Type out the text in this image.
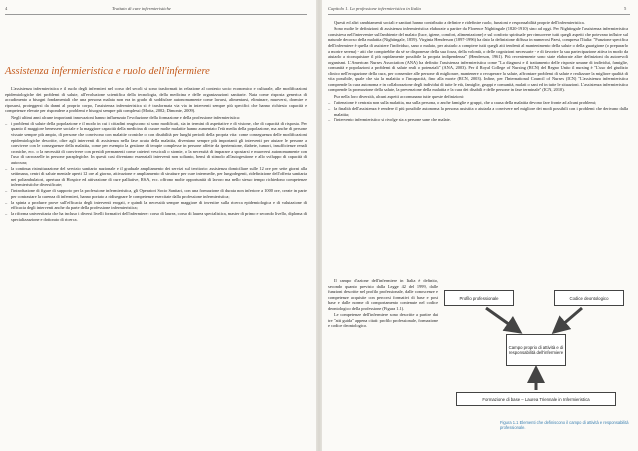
4	Trattato di cure infermieristiche
Assistenza infermieristica e ruolo dell'infermiere

L'assistenza infermieristica e il ruolo degli infermieri nel corso del secoli si sono trasformati in relazione al contesto socio economico e culturale, alle modificazioni epidemiologiche dei problemi di salute, all'evoluzione scientifica della tecnologia, della medicina e delle organizzazioni sanitarie. Nata come risposta generica di accudimento a bisogni fondamentali che una persona malata non era in grado di soddisfare autonomamente come lavarsi, alimentarsi, eliminare, muoversi, dormire e riposarsi, proteggersi da danni al proprio corpo, l'assistenza infermieristica si è trasformata via via in interventi sempre più specifici che hanno richiesto capacità e competenze elevate per rispondere a problemi e bisogni sempre più complessi (Motta, 2002; Dimonte, 2009).

Negli ultimi anni alcune importanti innovazioni hanno influenzato l'evoluzione della formazione e della professione infermieristica:

– i problemi di salute della popolazione e il modo in cui i cittadini reagiscono si sono modificati, sia in termini di aspettative e di visione, che di capacità di risposta. Per quanto il maggiore benessere sociale e la maggiore capacità della medicina di curare molte malattie hanno aumentato l'età media della popolazione, ma anche di persone vissute sempre più ampio, di persone che convivono con malattie croniche o con disabilità per lunghi periodi della propria vita: come conseguenza delle modificazioni epidemiologiche descritte, oltre agli interventi di assistenza nella fase acuta della malattia, diventano sempre più importanti gli interventi per aiutare le persone a convivere con le conseguenze della malattia, come per esempio la gestione di terapie complesse in persone affette da ipertensione, diabete, tumori, insufficienze renali croniche, ecc. o la necessità di convivere con presidi permanenti come cateteri vescicali o stomie, o la necessità di imparare a spostarsi e muoversi autonomamente con l'uso di carrozzelle in persone paraplegiche. In questi casi diventano essenziali interventi non soltanto, bensì di stimolo all'autogestione e allo sviluppo di capacità di autocura;
– la continua ristrutturazione del servizio sanitario nazionale e il graduale ampliamento dei servizi sul territorio: assistenza domiciliare sulle 12 ore per sette giorni alla settimana, centri di salute mentale aperti 12 ore al giorno, attivazione e ampliamento di strutture per cure intermedie, per lungodegenti, ridefinizione dell'offerta sanitaria nei poliambulatori, apertura di Hospice ed attivazione di cure palliative, RSA, ecc. offrono molte opportunità di lavoro ma nello stesso tempo richiedono competenze infermieristiche diversificate;
– l'introduzione di figure di supporto per la professione infermieristica, gli Operatori Socio Sanitari, con una formazione di durata non inferiore a 1000 ore, create in parte per contrastare la carenza di infermieri, hanno portato a ridisegnare le competenze esercitate dalla professione infermieristica;
– la spinta a produrre prove sull'efficacia degli interventi erogati, e quindi la necessità sempre maggiore di investire sulla ricerca epidemiologica e di valutazione di efficacia degli interventi anche da parte della professione infermieristica;
– la riforma universitaria che ha incluso i diversi livelli formativi dell'infermiere: corso di laurea, corso di laurea specialistica, master di primo e secondo livello, diploma di specializzazione e dottorato di ricerca.
Capitolo 1. La professione infermieristica in Italia	5

Questi ed altri cambiamenti sociali e sanitari hanno contribuito a definire e ridefinire ruolo, funzioni e responsabilità proprie dell'infermieristica.

Sono molte le definizioni di assistenza infermieristica elaborate a partire da Florence Nightingale (1820-1910) sino ad oggi. Per Nightingale l'assistenza infermieristica consisteva nell'intervenire sull'ambiente del malato (luce, igiene, comfort, alimentazione) e sul conforto spirituale per rimuovere tutti quegli aspetti che potevano influire sul naturale decorso della malattia (Nightingale, 1859). Virginia Henderson (1897-1996) ha dato la definizione diffusa in numerosi Paesi, compresa l'Italia: "Funzione specifica dell'infermiere è quella di assistere l'individuo, sano o malato, per aiutarlo a compiere tutti quegli atti tendenti al mantenimento della salute o della guarigione (o prepararlo a morire serena) - atti che compirebbe da sé se disponesse della sua forza, della volontà, o delle cognizioni necessarie - e di favorire la sua partecipazione attiva in modo da aiutarlo a riconquistare il più rapidamente possibile la propria indipendenza" (Henderson, 1961). Più recentemente sono state elaborate altre definizioni da autorevoli organismi. L'American Nurses Association (ANA) ha definito l'assistenza infermieristica come "La diagnosi e il trattamento delle risposte umane di individui, famiglie, comunità e popolazioni a problemi di salute reali o potenziali" (ANA, 2003). Per il Royal College of Nursing (RCN) del Regno Unito il nursing è "L'uso del giudizio clinico nell'erogazione della cura, per consentire alle persone di migliorare, mantenere o recuperare la salute, affrontare problemi di salute e realizzare la migliore qualità di vita possibile, quale che sia la malattia o l'incapacità, fino alla morte (RCN, 2003). Infine, per l'International Council of Nurses (ICN) "L'assistenza infermieristica comprende la cura autonoma e in collaborazione degli individui di tutte le età, famiglie, gruppi e comunità, malati o sani ed in tutte le situazioni. L'assistenza infermieristica comprende la promozione della salute, la prevenzione della malattia e la cura dei disabili e delle persone in fase terminale" (ICN, 2010).

Pur nella loro diversità, alcuni aspetti accomunano tutte queste definizioni:

– l'attenzione è centrata non sulla malattia, ma sulla persona, o anche famiglie e gruppi, che a causa della malattia devono fare fronte ad alcuni problemi;
– la finalità dell'assistenza è rendere il più possibile autonoma la persona assistita o aiutarla a convivere nel migliore dei modi possibili con i problemi che derivano dalla malattia;
– l'intervento infermieristico si rivolge sia a persone sane che malate.

Il campo d'azione dell'infermiere in Italia è definito, secondo quanto previsto dalla Legge 42 del 1999, dalle funzioni descritte nel profilo professionale, dalle conoscenze e competenze acquisite con percorsi formativi di base e post base e dalle norme di comportamento contenute nel codice deontologico della professione (Figura 1.1).

Le competenze dell'infermiere sono descritte a partire dai tre "atti guida" appena citati: profilo professionale, formazione e codice deontologico.

Profilo professionale	Codice deontologico
Campo proprio di attività e di responsabilità dell'infermiere
Formazione di base – Laurea Triennale in Infermieristica
Figura 1.1 Elementi che definiscono il campo di attività e responsabilità professionale.
